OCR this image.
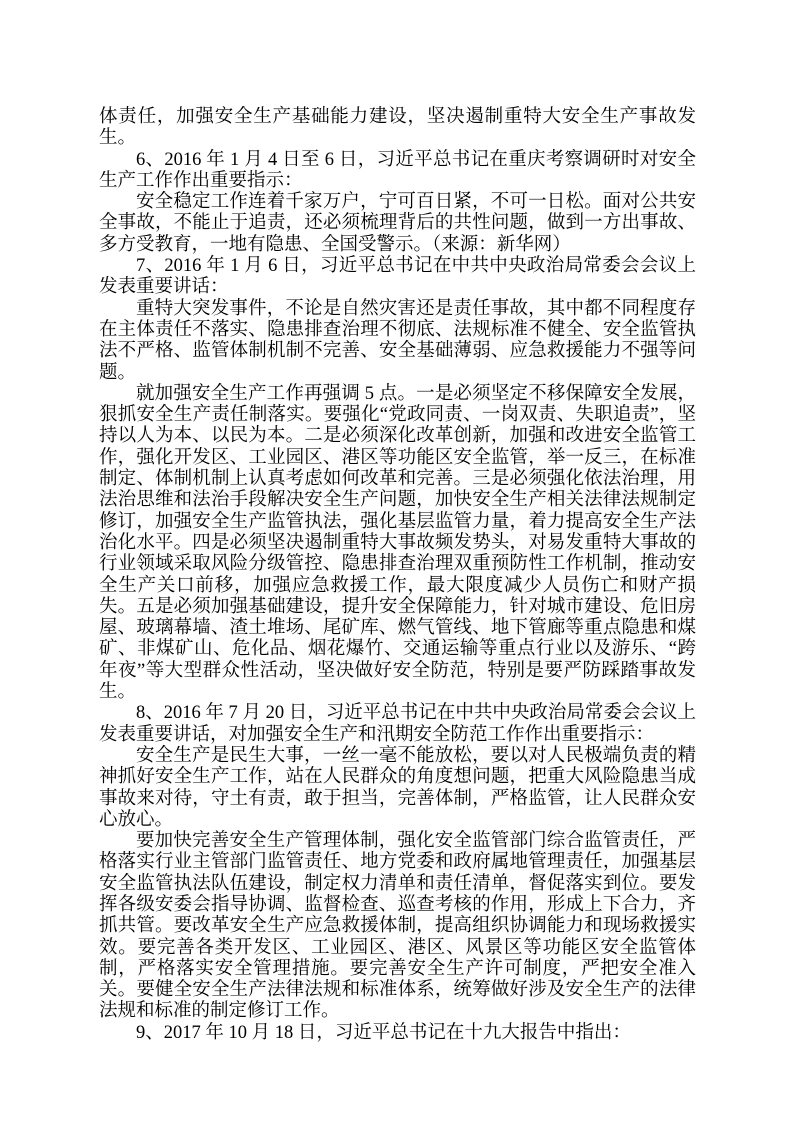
体责任，加强安全生产基础能力建设，坚决遏制重特大安全生产事故发生。

6、2016 年 1 月 4 日至 6 日，习近平总书记在重庆考察调研时对安全生产工作作出重要指示：

安全稳定工作连着千家万户，宁可百日紧，不可一日松。面对公共安全事故，不能止于追责，还必须梳理背后的共性问题，做到一方出事故、多方受教育，一地有隐患、全国受警示。（来源：新华网）

7、2016 年 1 月 6 日，习近平总书记在中共中央政治局常委会会议上发表重要讲话：

重特大突发事件，不论是自然灾害还是责任事故，其中都不同程度存在主体责任不落实、隐患排查治理不彻底、法规标准不健全、安全监管执法不严格、监管体制机制不完善、安全基础薄弱、应急救援能力不强等问题。

就加强安全生产工作再强调 5 点。一是必须坚定不移保障安全发展，狠抓安全生产责任制落实。要强化“党政同责、一岗双责、失职追责”，坚持以人为本、以民为本。二是必须深化改革创新，加强和改进安全监管工作，强化开发区、工业园区、港区等功能区安全监管，举一反三，在标准制定、体制机制上认真考虑如何改革和完善。三是必须强化依法治理，用法治思维和法治手段解决安全生产问题，加快安全生产相关法律法规制定修订，加强安全生产监管执法，强化基层监管力量，着力提高安全生产法治化水平。四是必须坚决遏制重特大事故频发势头，对易发重特大事故的行业领域采取风险分级管控、隐患排查治理双重预防性工作机制，推动安全生产关口前移，加强应急救援工作，最大限度减少人员伤亡和财产损失。五是必须加强基础建设，提升安全保障能力，针对城市建设、危旧房屋、玻璃幕墙、渣土堆场、尾矿库、燃气管线、地下管廊等重点隐患和煤矿、非煤矿山、危化品、烟花爆竹、交通运输等重点行业以及游乐、“跨年夜”等大型群众性活动，坚决做好安全防范，特别是要严防踩踏事故发生。

8、2016 年 7 月 20 日，习近平总书记在中共中央政治局常委会会议上发表重要讲话，对加强安全生产和汛期安全防范工作作出重要指示：

安全生产是民生大事，一丝一毫不能放松，要以对人民极端负责的精神抓好安全生产工作，站在人民群众的角度想问题，把重大风险隐患当成事故来对待，守土有责，敢于担当，完善体制，严格监管，让人民群众安心放心。

要加快完善安全生产管理体制，强化安全监管部门综合监管责任，严格落实行业主管部门监管责任、地方党委和政府属地管理责任，加强基层安全监管执法队伍建设，制定权力清单和责任清单，督促落实到位。要发挥各级安委会指导协调、监督检查、巡查考核的作用，形成上下合力，齐抓共管。要改革安全生产应急救援体制，提高组织协调能力和现场救援实效。要完善各类开发区、工业园区、港区、风景区等功能区安全监管体制，严格落实安全管理措施。要完善安全生产许可制度，严把安全准入关。要健全安全生产法律法规和标准体系，统筹做好涉及安全生产的法律法规和标准的制定修订工作。

9、2017 年 10 月 18 日，习近平总书记在十九大报告中指出：
